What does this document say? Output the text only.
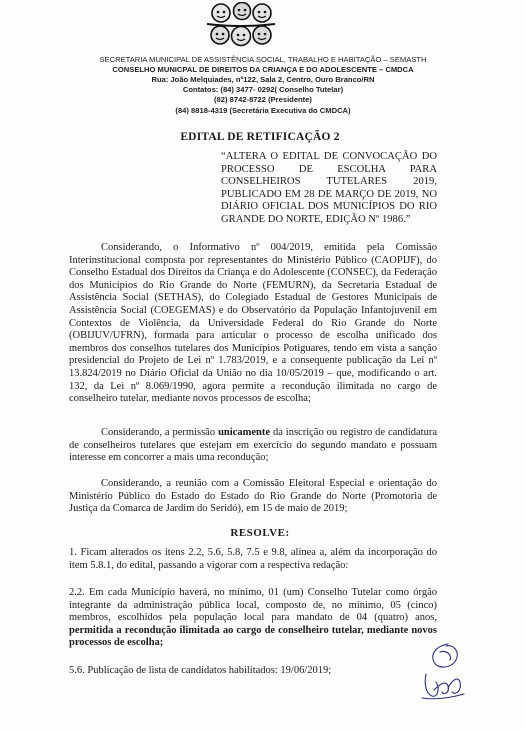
SECRETARIA MUNICIPAL DE ASSISTÊNCIA SOCIAL, TRABALHO E HABITAÇÃO – SEMASTH
CONSELHO MUNICPAL DE DIREITOS DA CRIANÇA E DO ADOLESCENTE – CMDCA
Rua: João Melquiades, nº122, Sala 2, Centro, Ouro Branco/RN
Contatos: (84) 3477- 0292( Conselho Tutelar)
(82) 8742-8722 (Presidente)
(84) 8818-4319 (Secretária Executiva do CMDCA)
EDITAL DE RETIFICAÇÃO 2
“ALTERA O EDITAL DE CONVOCAÇÃO DO PROCESSO DE ESCOLHA PARA CONSELHEIROS TUTELARES 2019, PUBLICADO EM 28 DE MARÇO DE 2019, NO DIÁRIO OFICIAL DOS MUNICÍPIOS DO RIO GRANDE DO NORTE, EDIÇÃO Nº 1986.”
Considerando, o Informativo nº 004/2019, emitida pela Comissão Interinstitucional composta por representantes do Ministério Público (CAOPIJF), do Conselho Estadual dos Direitos da Criança e do Adolescente (CONSEC), da Federação dos Municípios do Rio Grande do Norte (FEMURN), da Secretaria Estadual de Assistência Social (SETHAS), do Colegiado Estadual de Gestores Municipais de Assistência Social (COEGEMAS) e do Observatório da População Infantojuvenil em Contextos de Violência, da Universidade Federal do Rio Grande do Norte (OBIJUV/UFRN), formada para articular o processo de escolha unificado dos membros dos conselhos tutelares dos Municípios Potiguares, tendo em vista a sanção presidencial do Projeto de Lei nº 1.783/2019, e a consequente publicação da Lei nº 13.824/2019 no Diário Oficial da União no dia 10/05/2019 – que, modificando o art. 132, da Lei nº 8.069/1990, agora permite a recondução ilimitada no cargo de conselheiro tutelar, mediante novos processos de escolha;
Considerando, a permissão unicamente da inscrição ou registro de candidatura de conselheiros tutelares que estejam em exercício do segundo mandato e possuam interesse em concorrer a mais uma recondução;
Considerando, a reunião com a Comissão Eleitoral Especial e orientação do Ministério Público do Estado do Estado do Rio Grande do Norte (Promotoria de Justiça da Comarca de Jardim do Seridó), em 15 de maio de 2019;
RESOLVE:
1. Ficam alterados os itens 2.2, 5.6, 5.8, 7.5 e 9.8, alinea a, além da incorporação do item 5.8.1, do edital, passando a vigorar com a respectiva redação:
2.2. Em cada Município haverá, no mínimo, 01 (um) Conselho Tutelar como órgão integrante da administração pública local, composto de, no mínimo, 05 (cinco) membros, escolhidos pela população local para mandato de 04 (quatro) anos, permitida a recondução ilimitada ao cargo de conselheiro tutelar, mediante novos processos de escolha;
5.6. Publicação de lista de candidatos habilitados: 19/06/2019;
